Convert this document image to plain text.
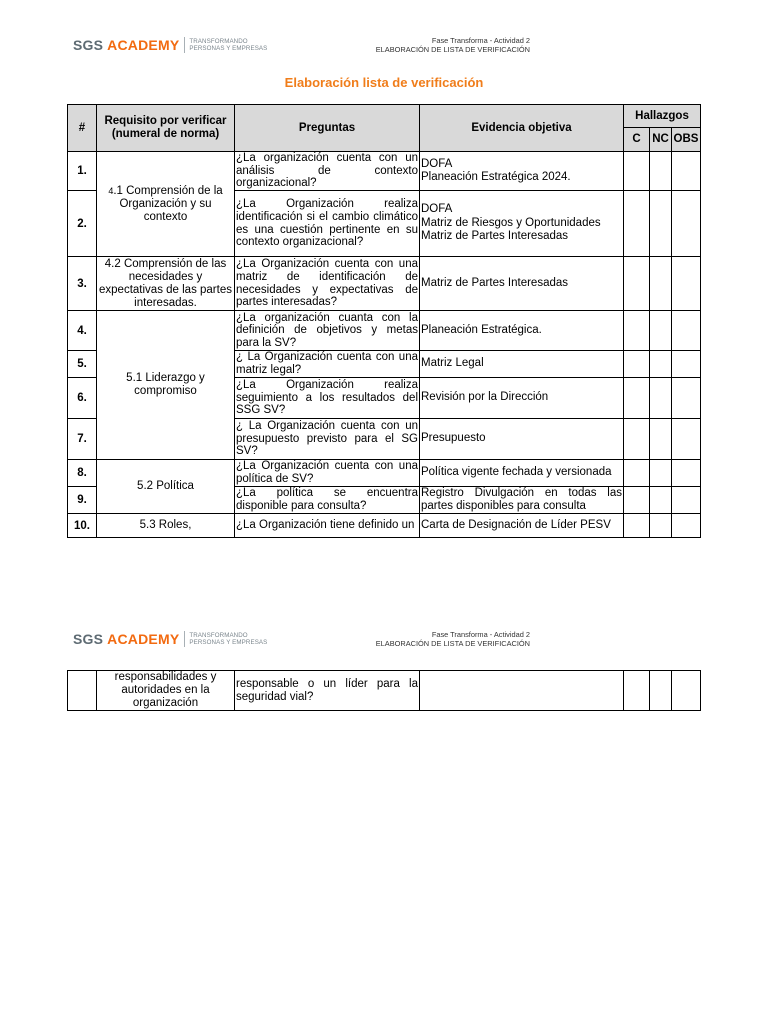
SGS ACADEMY TRANSFORMANDO
PERSONAS Y EMPRESAS
Fase Transforma - Actividad 2
ELABORACIÓN DE LISTA DE VERIFICACIÓN
Elaboración lista de verificación
#	Requisito por verificar (numeral de norma)	Preguntas	Evidencia objetiva	Hallazgos		
				C	NC	OBS
1.	4.1 Comprensión de la Organización y su contexto	¿La organización cuenta con un análisis de contexto organizacional?	DOFA
Planeación Estratégica 2024.			

2.		¿La Organización realiza identificación si el cambio climático es una cuestión pertinente en su contexto organizacional?	DOFA
Matriz de Riesgos y Oportunidades
Matriz de Partes Interesadas			

3.	4.2 Comprensión de las necesidades y expectativas de las partes interesadas.	¿La Organización cuenta con una matriz de identificación de necesidades y expectativas de partes interesadas?	Matriz de Partes Interesadas			

4.	5.1 Liderazgo y compromiso	¿La organización cuanta con la definición de objetivos y metas para la SV?	Planeación Estratégica.			

5.		¿ La Organización cuenta con una matriz legal?	Matriz Legal			

6.		¿La Organización realiza seguimiento a los resultados del SSG SV?	Revisión por la Dirección			

7.		¿ La Organización cuenta con un presupuesto previsto para el SG SV?	Presupuesto			

8.	5.2 Política	¿La Organización cuenta con una política de SV?	Política vigente fechada y versionada			

9.		¿La política se encuentra disponible para consulta?	Registro Divulgación en todas las partes disponibles para consulta			
10.	5.3 Roles,	¿La Organización tiene definido un	Carta de Designación de Líder PESV			

SGS ACADEMY TRANSFORMANDO
PERSONAS Y EMPRESAS
Fase Transforma - Actividad 2
ELABORACIÓN DE LISTA DE VERIFICACIÓN
	responsabilidades y autoridades en la organización	responsable o un líder para la seguridad vial?				
